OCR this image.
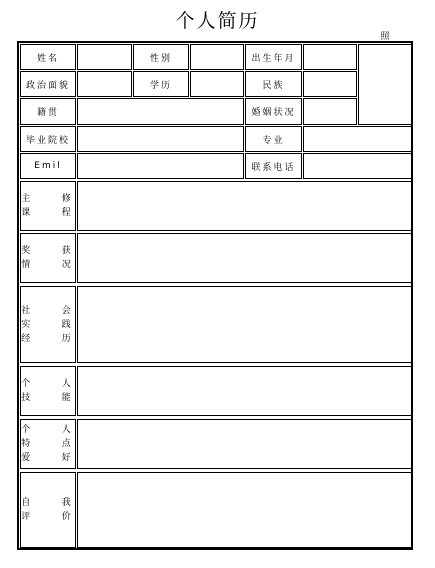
个人简历
姓名	性别	出生年月
照

政治面貌	学历	民族
籍贯	婚姻状况
毕业院校	专业
Emil	联系电话
主    修
课    程
奖    获
情    况
社    会
实    践
经    历
个    人
技    能
个    人
特    点
爱    好
自    我
评    价
